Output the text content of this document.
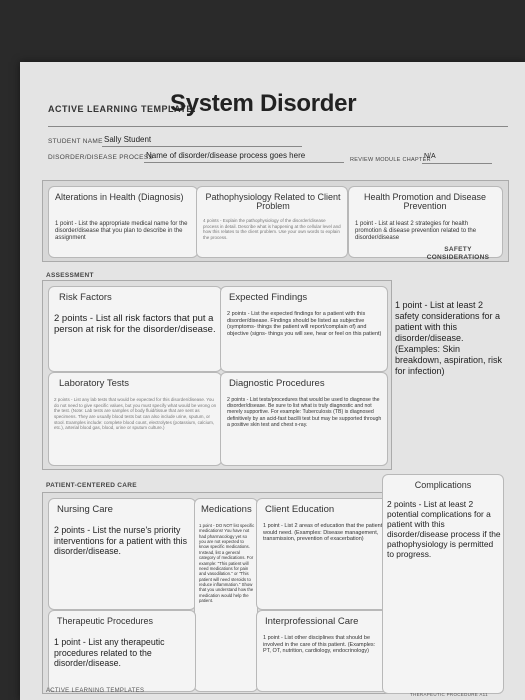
ACTIVE LEARNING TEMPLATE:
System Disorder
STUDENT NAME Sally Student
DISORDER/DISEASE PROCESS
Name of disorder/disease process goes here	REVIEW MODULE CHAPTER
N/A
Alterations in Health (Diagnosis)
1 point - List the appropriate medical name for the disorder/disease that you plan to describe in the assignment
Pathophysiology Related to Client Problem
4 points - Explain the pathophysiology of the disorder/disease process in detail. Describe what is happening at the cellular level and how this relates to the client problem. Use your own words to explain the process.
Health Promotion and Disease Prevention
1 point - List at least 2 strategies for health promotion & disease prevention related to the disorder/disease
ASSESSMENT
Risk Factors
2 points - List all risk factors that put a person at risk for the disorder/disease.
Expected Findings
2 points - List the expected findings for a patient with this disorder/disease. Findings should be listed as subjective (symptoms- things the patient will report/complain of) and objective (signs- things you will see, hear or feel on this patient)
Laboratory Tests
2 points - List any lab tests that would be expected for this disorder/disease. You do not need to give specific values, but you must specify what would be wrong on the test. (Note: Lab tests are samples of body fluid/tissue that are sent as specimens. They are usually blood tests but can also include urine, sputum, or stool. Examples include: complete blood count, electrolytes (potassium, calcium, etc.), arterial blood gas, blood, urine or sputum culture.)
Diagnostic Procedures
2 points - List tests/procedures that would be used to diagnose the disorder/disease. Be sure to list what is truly diagnostic and not merely supportive. For example: Tuberculosis (TB) is diagnosed definitively by an acid-fast bacilli test but may be supported through a positive skin test and chest x-ray.
SAFETY CONSIDERATIONS
1 point - List at least 2 safety considerations for a patient with this disorder/disease. (Examples: Skin breakdown, aspiration, risk for infection)
PATIENT-CENTERED CARE
Nursing Care
2 points - List the nurse's priority interventions for a patient with this disorder/disease.
Medications
1 point - DO NOT list specific medications! You have not had pharmacology yet so you are not expected to know specific medications. Instead, list a general category of medications. For example: "This patient will need medications for pain and vasodilation." or "This patient will need steroids to reduce inflammation." Show that you understand how the medication would help the patient.
Client Education
1 point - List 2 areas of education that the patient would need. (Examples: Disease management, transmission, prevention of exacerbation)
Therapeutic Procedures
1 point - List any therapeutic procedures related to the disorder/disease.
Interprofessional Care
1 point - List other disciplines that should be involved in the care of this patient. (Examples: PT, OT, nutrition, cardiology, endocrinology)
Complications
2 points - List at least 2 potential complications for a patient with this disorder/disease process if the pathophysiology is permitted to progress.
ACTIVE LEARNING TEMPLATES
THERAPEUTIC PROCEDURE A11
